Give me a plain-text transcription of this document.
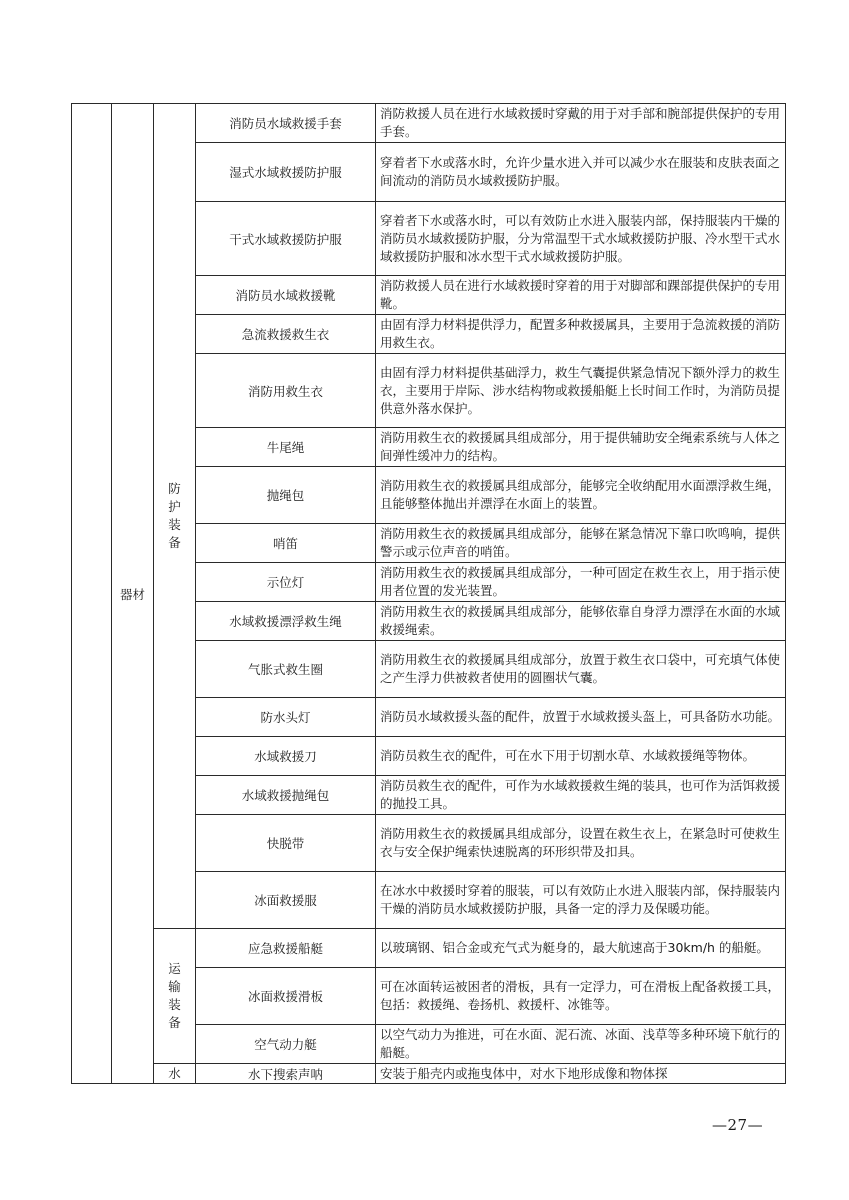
	器材	防护装备	消防员水域救援手套	消防救援人员在进行水域救援时穿戴的用于对手部和腕部提供保护的专用手套。
			湿式水域救援防护服	穿着者下水或落水时，允许少量水进入并可以减少水在服装和皮肤表面之间流动的消防员水域救援防护服。
			干式水域救援防护服	穿着者下水或落水时，可以有效防止水进入服装内部，保持服装内干燥的消防员水域救援防护服，分为常温型干式水域救援防护服、冷水型干式水域救援防护服和冰水型干式水域救援防护服。
			消防员水域救援靴	消防救援人员在进行水域救援时穿着的用于对脚部和踝部提供保护的专用靴。
			急流救援救生衣	由固有浮力材料提供浮力，配置多种救援属具，主要用于急流救援的消防用救生衣。
			消防用救生衣	由固有浮力材料提供基础浮力，救生气囊提供紧急情况下额外浮力的救生衣，主要用于岸际、涉水结构物或救援船艇上长时间工作时，为消防员提供意外落水保护。
			牛尾绳	消防用救生衣的救援属具组成部分，用于提供辅助安全绳索系统与人体之间弹性缓冲力的结构。
			抛绳包	消防用救生衣的救援属具组成部分，能够完全收纳配用水面漂浮救生绳，且能够整体抛出并漂浮在水面上的装置。
			哨笛	消防用救生衣的救援属具组成部分，能够在紧急情况下靠口吹鸣响，提供警示或示位声音的哨笛。
			示位灯	消防用救生衣的救援属具组成部分，一种可固定在救生衣上，用于指示使用者位置的发光装置。
			水域救援漂浮救生绳	消防用救生衣的救援属具组成部分，能够依靠自身浮力漂浮在水面的水域救援绳索。
			气胀式救生圈	消防用救生衣的救援属具组成部分，放置于救生衣口袋中，可充填气体使之产生浮力供被救者使用的圆圈状气囊。
			防水头灯	消防员水域救援头盔的配件，放置于水域救援头盔上，可具备防水功能。
			水域救援刀	消防员救生衣的配件，可在水下用于切割水草、水域救援绳等物体。
			水域救援抛绳包	消防员救生衣的配件，可作为水域救援救生绳的装具，也可作为活饵救援的抛投工具。
			快脱带	消防用救生衣的救援属具组成部分，设置在救生衣上，在紧急时可使救生衣与安全保护绳索快速脱离的环形织带及扣具。
			冰面救援服	在冰水中救援时穿着的服装，可以有效防止水进入服装内部，保持服装内干燥的消防员水域救援防护服，具备一定的浮力及保暖功能。

		运输装备	应急救援船艇	以玻璃钢、铝合金或充气式为艇身的，最大航速高于30km/h 的船艇。
			冰面救援滑板	可在冰面转运被困者的滑板，具有一定浮力，可在滑板上配备救援工具，包括：救援绳、卷扬机、救援杆、冰锥等。
			空气动力艇	以空气动力为推进，可在水面、泥石流、冰面、浅草等多种环境下航行的船艇。

		水	水下搜索声呐	安装于船壳内或拖曳体中，对水下地形成像和物体探
—27—
